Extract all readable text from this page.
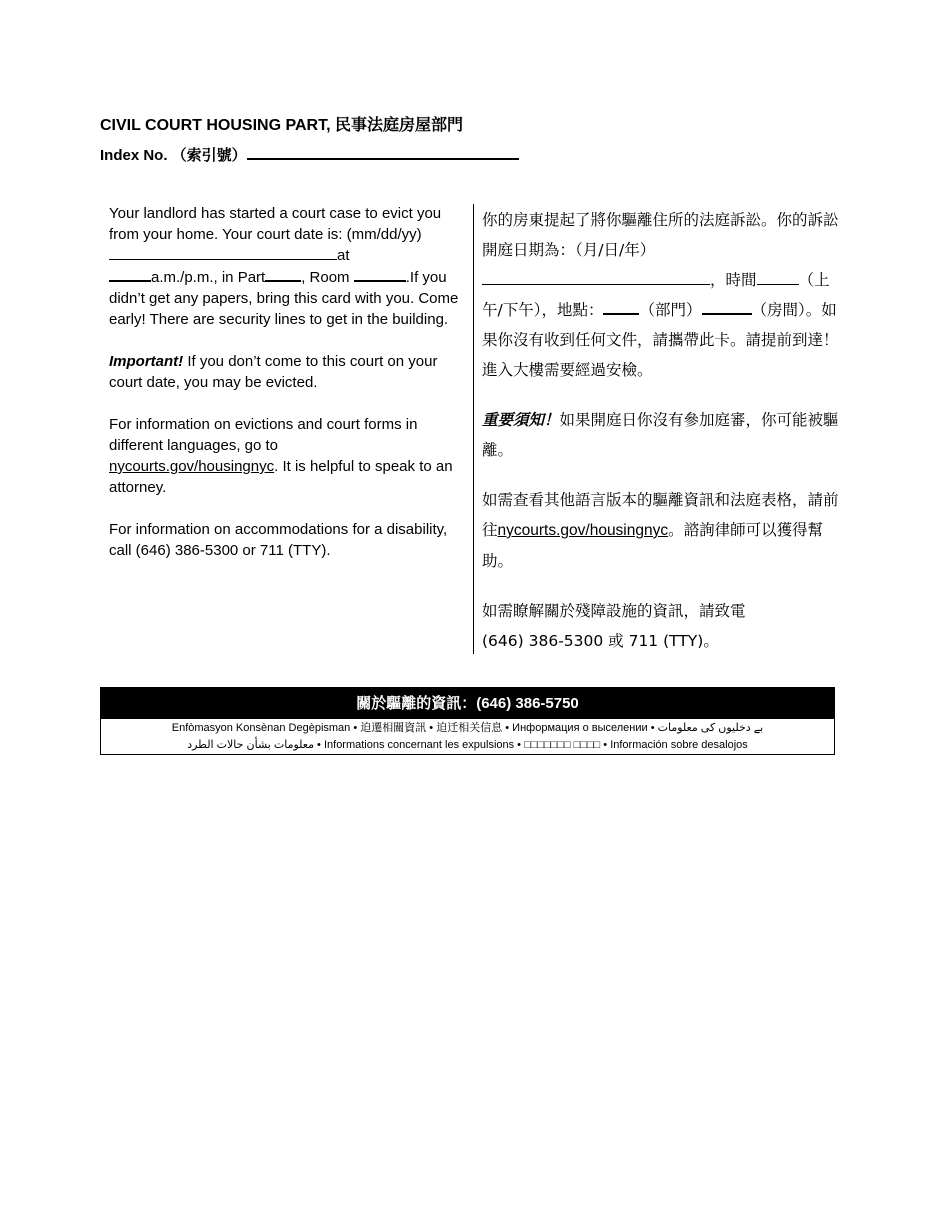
CIVIL COURT HOUSING PART, 民事法庭房屋部門
Index No. （索引號）

Your landlord has started a court case to evict you from your home. Your court date is: (mm/dd/yy)at
a.m./p.m., in Part , Room	.If you didn’t get any papers, bring this card with you. Come early! There are security lines to get in the building.

Important! If you don’t come to this court on your court date, you may be evicted.

For information on evictions and court forms in different languages, go to
nycourts.gov/housingnyc. It is helpful to speak to an attorney.

For information on accommodations for a disability, call (646) 386-5300 or 711 (TTY).

你的房東提起了將你驅離住所的法庭訴訟。你的訴訟開庭日期為：（月/日/年）
，時間	（上午/下午），地點： （部門）	（房間）。如果你沒有收到任何文件，請攜帶此卡。請提前到達！進入大樓需要經過安檢。

重要須知！如果開庭日你沒有參加庭審，你可能被驅離。

如需查看其他語言版本的驅離資訊和法庭表格，請前往nycourts.gov/housingnyc。諮詢律師可以獲得幫助。

如需瞭解關於殘障設施的資訊，請致電
(646) 386-5300 或 711 (TTY)。

關於驅離的資訊：(646) 386-5750
Enfòmasyon Konsènan Degèpisman • 迫遷相關資訊 • 迫迁相关信息 • Информация о выселении • بے دخلیوں کی معلومات
معلومات بشأن حالات الطرد • Informations concernant les expulsions • □□□□□□□ □□□□ • Información sobre desalojos
